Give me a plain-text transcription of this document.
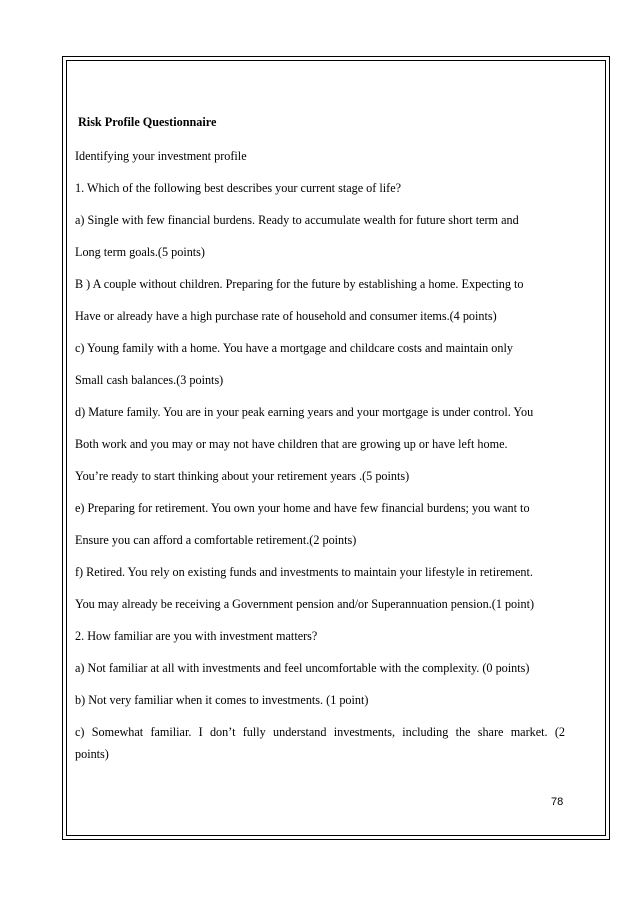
Risk Profile Questionnaire
Identifying your investment profile
1. Which of the following best describes your current stage of life?
a) Single with few financial burdens. Ready to accumulate wealth for future short term and
Long term goals.(5 points)
B ) A couple without children. Preparing for the future by establishing a home. Expecting to
Have or already have a high purchase rate of household and consumer items.(4 points)
c) Young family with a home. You have a mortgage and childcare costs and maintain only
Small cash balances.(3 points)
d) Mature family. You are in your peak earning years and your mortgage is under control. You
Both work and you may or may not have children that are growing up or have left home.
You’re ready to start thinking about your retirement years .(5 points)
e) Preparing for retirement. You own your home and have few financial burdens; you want to
Ensure you can afford a comfortable retirement.(2 points)
f) Retired. You rely on existing funds and investments to maintain your lifestyle in retirement.
You may already be receiving a Government pension and/or Superannuation pension.(1 point)
2. How familiar are you with investment matters?
a) Not familiar at all with investments and feel uncomfortable with the complexity. (0 points)
b) Not very familiar when it comes to investments. (1 point)
c) Somewhat familiar. I don’t fully understand investments, including the share market. (2
points)
78
